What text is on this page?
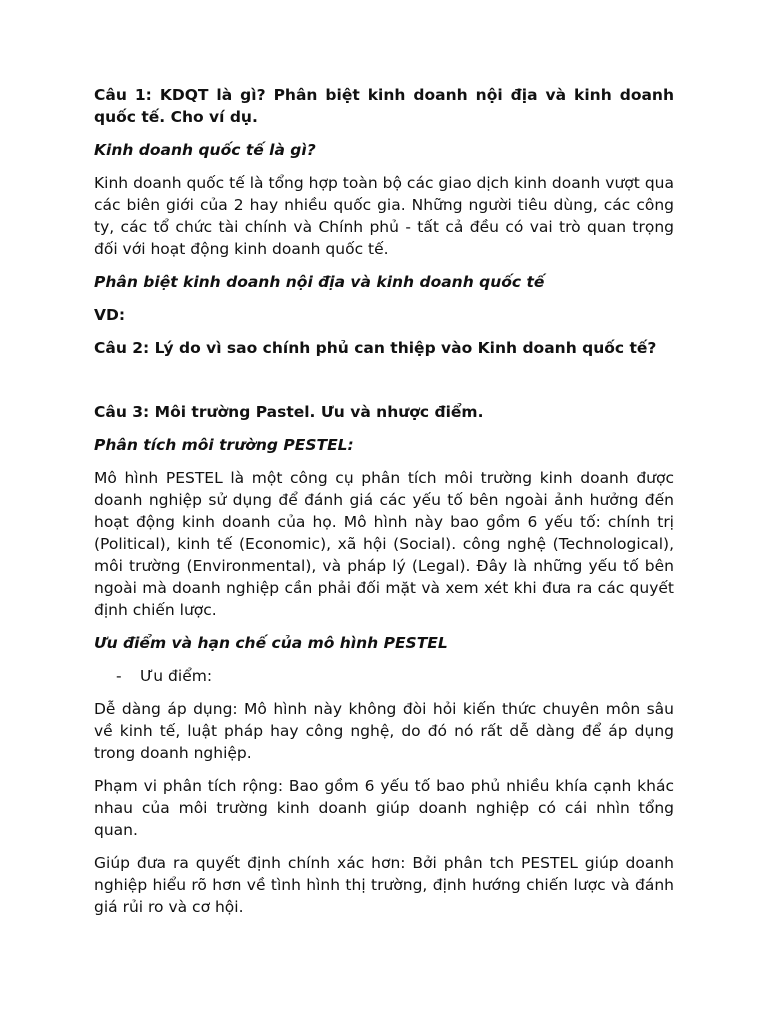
Câu 1: KDQT là gì? Phân biệt kinh doanh nội địa và kinh doanh quốc tế. Cho ví dụ.

Kinh doanh quốc tế là gì?

Kinh doanh quốc tế là tổng hợp toàn bộ các giao dịch kinh doanh vượt qua các biên giới của 2 hay nhiều quốc gia. Những người tiêu dùng, các công ty, các tổ chức tài chính và Chính phủ - tất cả đều có vai trò quan trọng đối với hoạt động kinh doanh quốc tế.

Phân biệt kinh doanh nội địa và kinh doanh quốc tế

VD:

Câu 2: Lý do vì sao chính phủ can thiệp vào Kinh doanh quốc tế?

Câu 3: Môi trường Pastel. Ưu và nhược điểm.

Phân tích môi trường PESTEL:

Mô hình PESTEL là một công cụ phân tích môi trường kinh doanh được doanh nghiệp sử dụng để đánh giá các yếu tố bên ngoài ảnh hưởng đến hoạt động kinh doanh của họ. Mô hình này bao gồm 6 yếu tố: chính trị (Political), kinh tế (Economic), xã hội (Social). công nghệ (Technological), môi trường (Environmental), và pháp lý (Legal). Đây là những yếu tố bên ngoài mà doanh nghiệp cần phải đối mặt và xem xét khi đưa ra các quyết định chiến lược.

Ưu điểm và hạn chế của mô hình PESTEL

-	Ưu điểm:

Dễ dàng áp dụng: Mô hình này không đòi hỏi kiến thức chuyên môn sâu về kinh tế, luật pháp hay công nghệ, do đó nó rất dễ dàng để áp dụng trong doanh nghiệp.

Phạm vi phân tích rộng: Bao gồm 6 yếu tố bao phủ nhiều khía cạnh khác nhau của môi trường kinh doanh giúp doanh nghiệp có cái nhìn tổng quan.

Giúp đưa ra quyết định chính xác hơn: Bởi phân tch PESTEL giúp doanh nghiệp hiểu rõ hơn về tình hình thị trường, định hướng chiến lược và đánh giá rủi ro và cơ hội.
